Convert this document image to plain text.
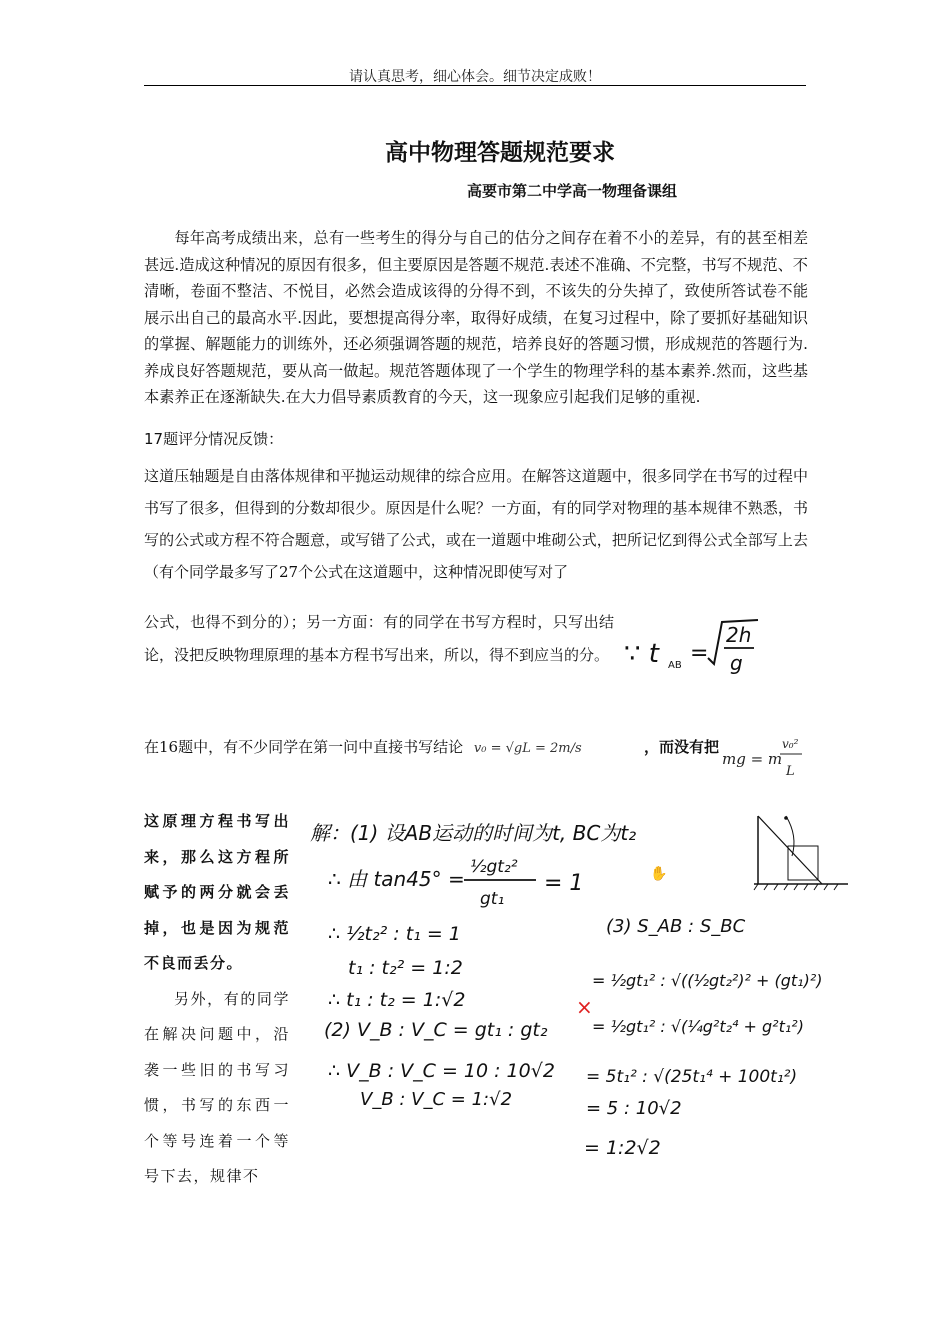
请认真思考，细心体会。细节决定成败！
高中物理答题规范要求
高要市第二中学高一物理备课组
每年高考成绩出来，总有一些考生的得分与自己的估分之间存在着不小的差异，有的甚至相差甚远.造成这种情况的原因有很多，但主要原因是答题不规范.表述不准确、不完整，书写不规范、不清晰，卷面不整洁、不悦目，必然会造成该得的分得不到，不该失的分失掉了，致使所答试卷不能展示出自己的最高水平.因此，要想提高得分率，取得好成绩，在复习过程中，除了要抓好基础知识的掌握、解题能力的训练外，还必须强调答题的规范，培养良好的答题习惯，形成规范的答题行为.养成良好答题规范，要从高一做起。规范答题体现了一个学生的物理学科的基本素养.然而，这些基本素养正在逐渐缺失.在大力倡导素质教育的今天，这一现象应引起我们足够的重视.
17题评分情况反馈：
这道压轴题是自由落体规律和平抛运动规律的综合应用。在解答这道题中，很多同学在书写的过程中书写了很多，但得到的分数却很少。原因是什么呢？一方面，有的同学对物理的基本规律不熟悉，书写的公式或方程不符合题意，或写错了公式，或在一道题中堆砌公式，把所记忆到得公式全部写上去（有个同学最多写了27个公式在这道题中，这种情况即使写对了
公式，也得不到分的）；另一方面：有的同学在书写方程时，只写出结论，没把反映物理原理的基本方程书写出来，所以，得不到应当的分。 ∵ t AB =
2h
g
在16题中，有不少同学在第一问中直接书写结论 v₀ = √gL = 2m/s	，而没有把
mg = m
v₀²
L
这原理方程书写出来，那么这方程所赋予的两分就会丢掉，也是因为规范不良而丢分。
另外，有的同学在解决问题中，沿袭一些旧的书写习惯，书写的东西一个等号连着一个等号下去，规律不
解：(1) 设AB运动的时间为t, BC为t₂
∴ 由 tan45° = ½gt₂²
gt₁
= 1
∴ ½t₂² : t₁ = 1
t₁ : t₂² = 1:2
∴ t₁ : t₂ = 1:√2
(2) V_B : V_C = gt₁ : gt₂
∴ V_B : V_C = 10 : 10√2
V_B : V_C = 1:√2
(3) S_AB : S_BC
= ½gt₁² : √((½gt₂²)² + (gt₁)²)
= ½gt₁² : √(¼g²t₂⁴ + g²t₁²)
= 5t₁² : √(25t₁⁴ + 100t₁²)
= 5 : 10√2
= 1:2√2
×
✋
